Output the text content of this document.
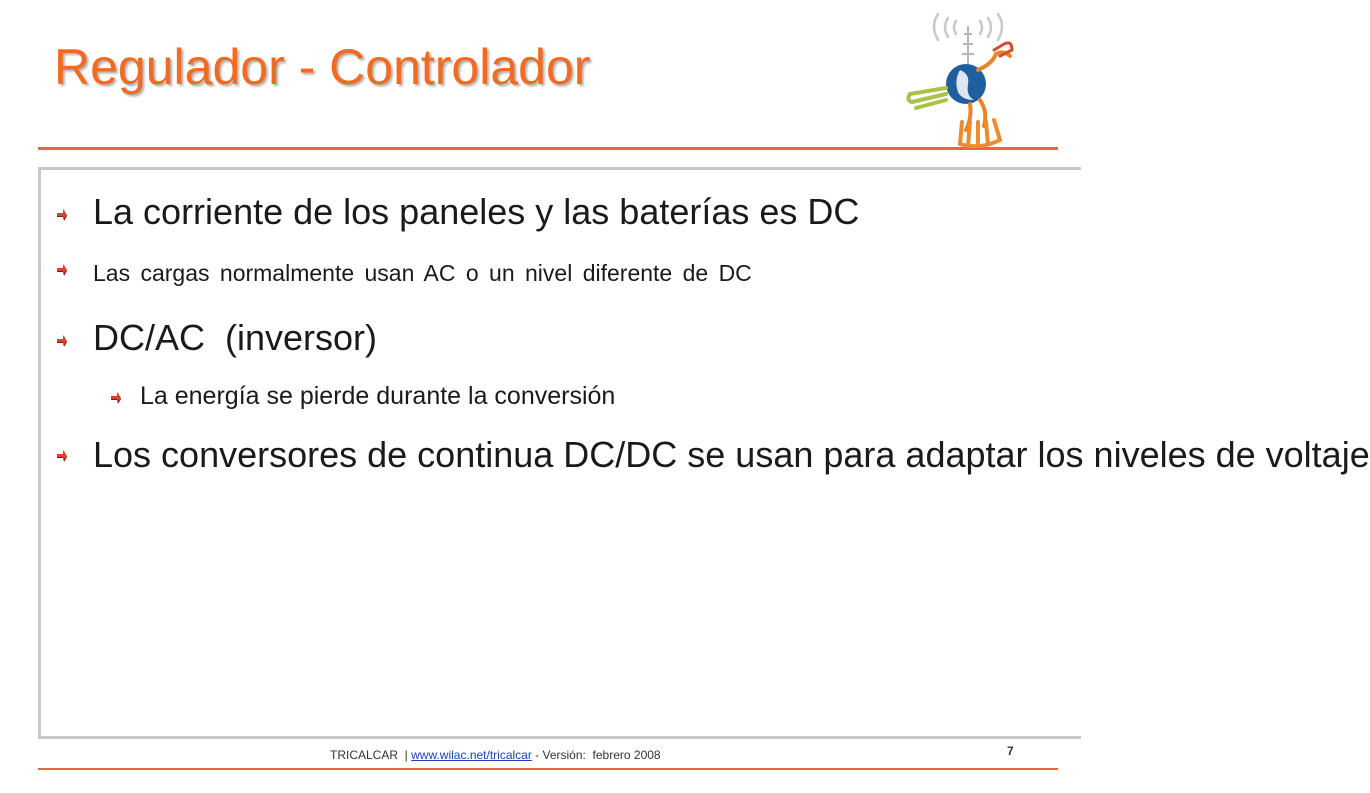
Regulador - Controlador
La corriente de los paneles y las baterías es DC
Las cargas normalmente usan AC o un nivel diferente de DC
DC/AC  (inversor)
La energía se pierde durante la conversión
Los conversores de continua DC/DC se usan para adaptar los niveles de voltaje
TRICALCAR  | www.wilac.net/tricalcar - Versión:  febrero 2008	7
